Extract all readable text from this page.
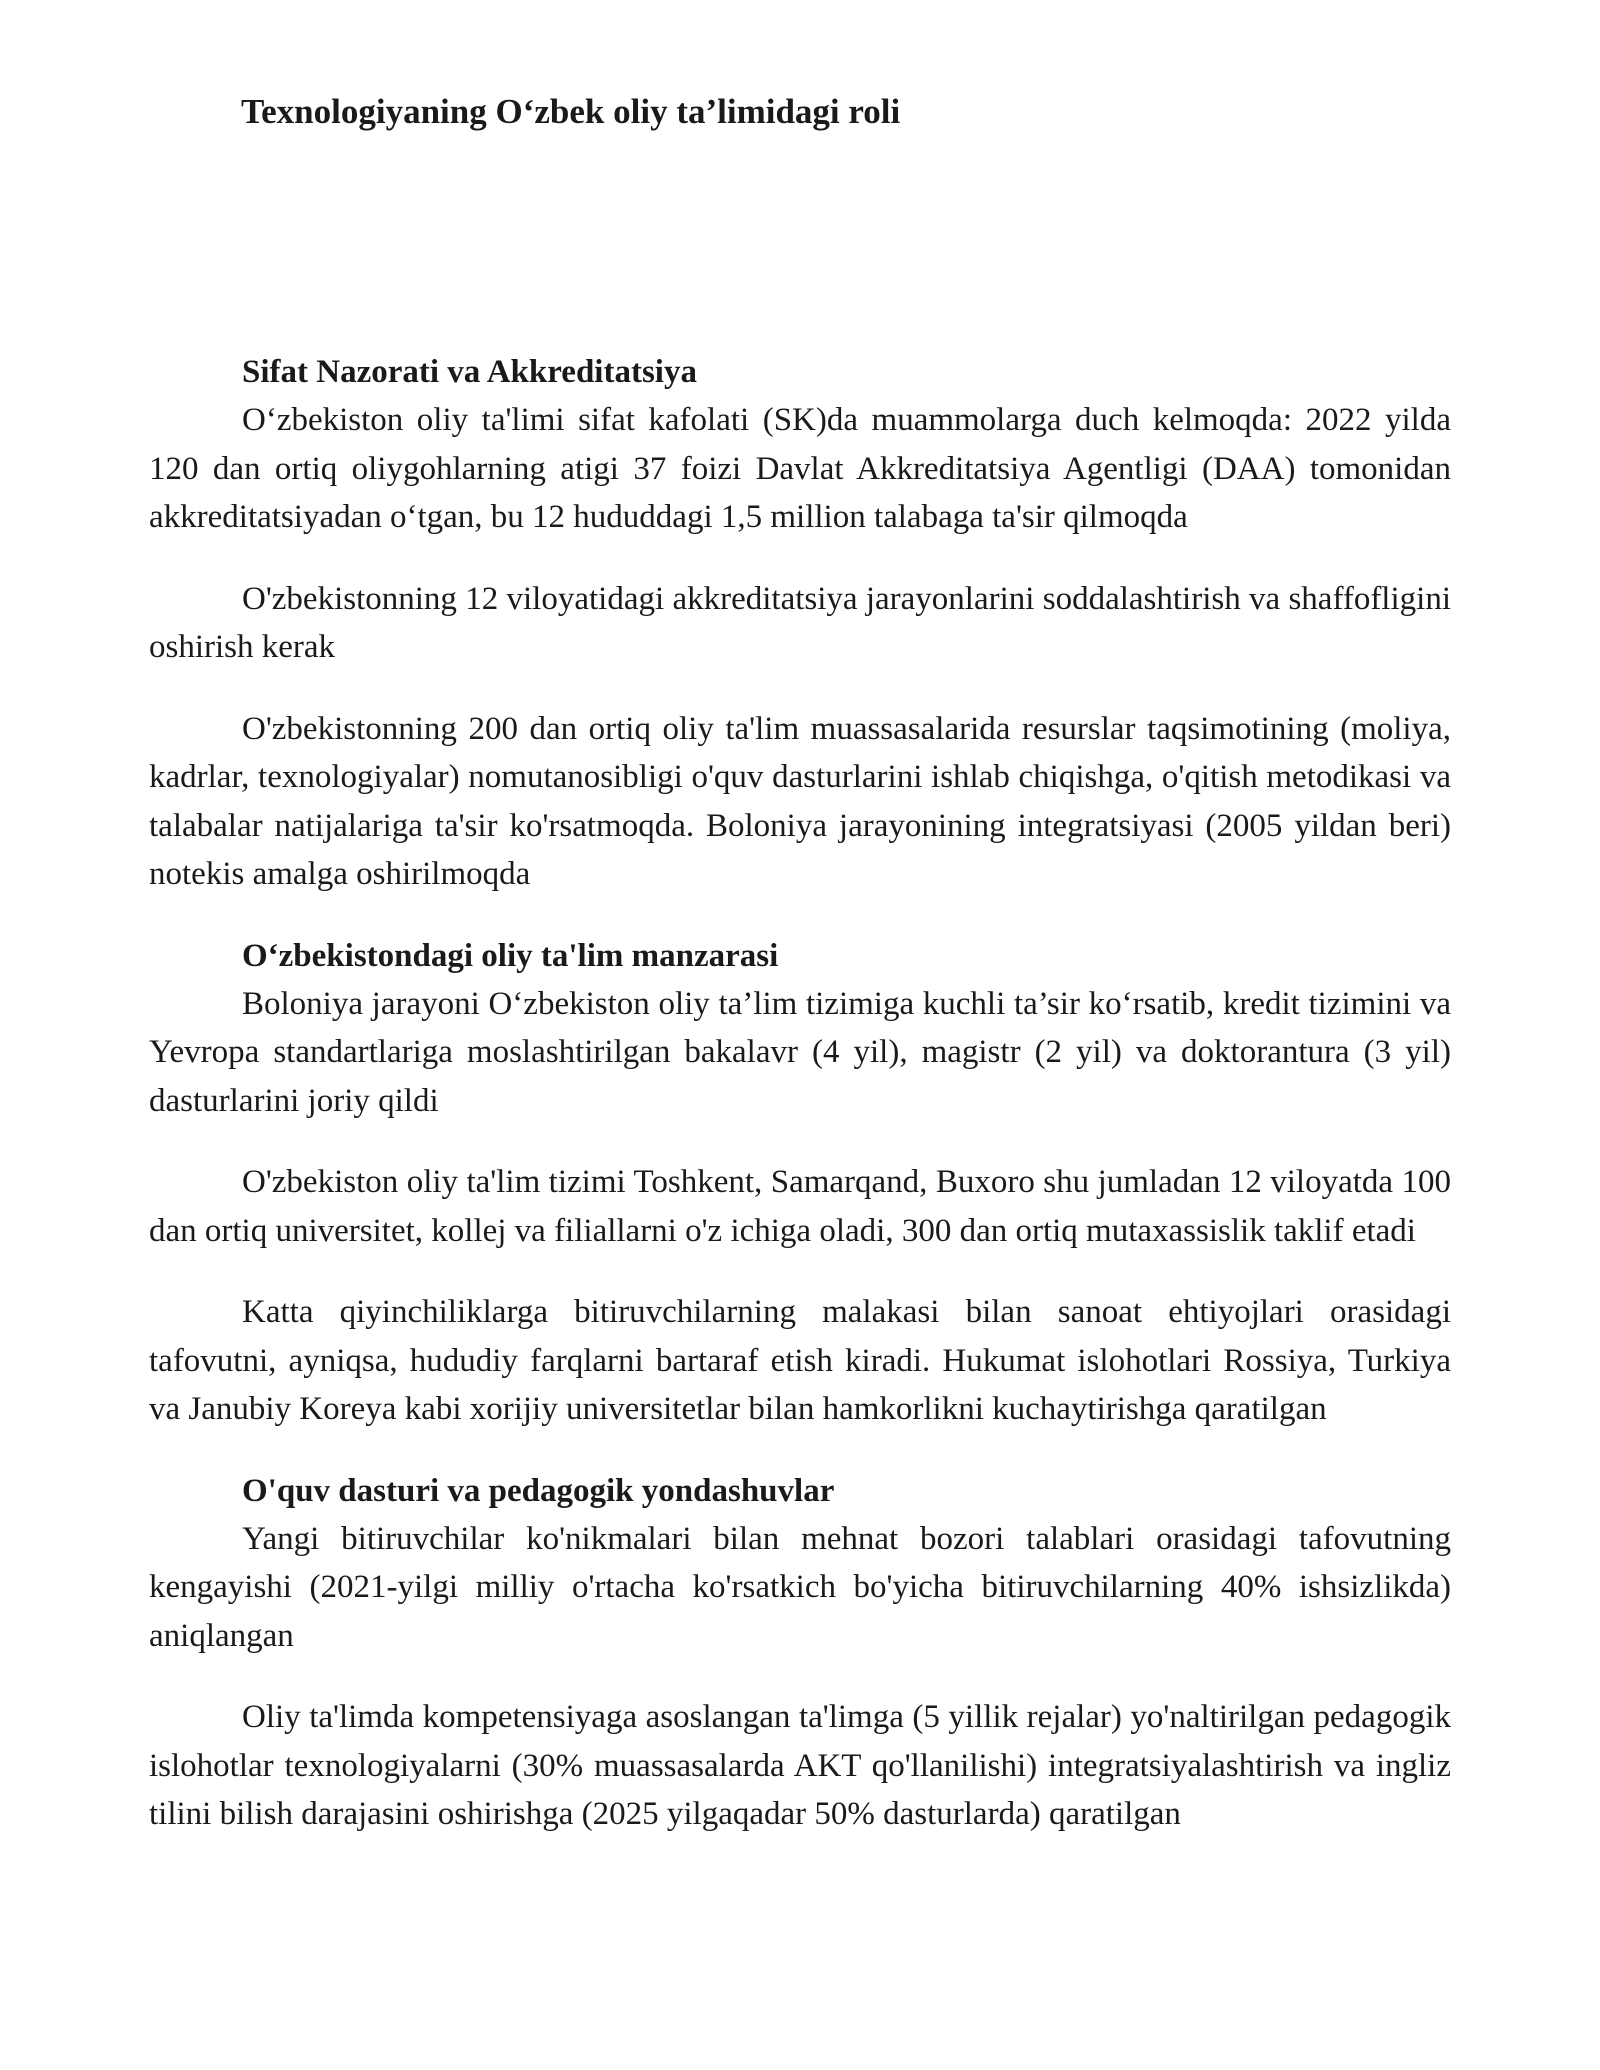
Texnologiyaning O‘zbek oliy ta’limidagi roli
Sifat Nazorati va Akkreditatsiya

O‘zbekiston oliy ta'limi sifat kafolati (SK)da muammolarga duch kelmoqda: 2022 yilda 120 dan ortiq oliygohlarning atigi 37 foizi Davlat Akkreditatsiya Agentligi (DAA) tomonidan akkreditatsiyadan o‘tgan, bu 12 hududdagi 1,5 million talabaga ta'sir qilmoqda

O'zbekistonning 12 viloyatidagi akkreditatsiya jarayonlarini soddalashtirish va shaffofligini oshirish kerak

O'zbekistonning 200 dan ortiq oliy ta'lim muassasalarida resurslar taqsimotining (moliya, kadrlar, texnologiyalar) nomutanosibligi o'quv dasturlarini ishlab chiqishga, o'qitish metodikasi va talabalar natijalariga ta'sir ko'rsatmoqda. Boloniya jarayonining integratsiyasi (2005 yildan beri) notekis amalga oshirilmoqda

O‘zbekistondagi oliy ta'lim manzarasi

Boloniya jarayoni O‘zbekiston oliy ta’lim tizimiga kuchli ta’sir ko‘rsatib, kredit tizimini va Yevropa standartlariga moslashtirilgan bakalavr (4 yil), magistr (2 yil) va doktorantura (3 yil) dasturlarini joriy qildi

O'zbekiston oliy ta'lim tizimi Toshkent, Samarqand, Buxoro shu jumladan 12 viloyatda 100 dan ortiq universitet, kollej va filiallarni o'z ichiga oladi, 300 dan ortiq mutaxassislik taklif etadi

Katta qiyinchiliklarga bitiruvchilarning malakasi bilan sanoat ehtiyojlari orasidagi tafovutni, ayniqsa, hududiy farqlarni bartaraf etish kiradi. Hukumat islohotlari Rossiya, Turkiya va Janubiy Koreya kabi xorijiy universitetlar bilan hamkorlikni kuchaytirishga qaratilgan

O'quv dasturi va pedagogik yondashuvlar

Yangi bitiruvchilar ko'nikmalari bilan mehnat bozori talablari orasidagi tafovutning kengayishi (2021-yilgi milliy o'rtacha ko'rsatkich bo'yicha bitiruvchilarning 40% ishsizlikda) aniqlangan

Oliy ta'limda kompetensiyaga asoslangan ta'limga (5 yillik rejalar) yo'naltirilgan pedagogik islohotlar texnologiyalarni (30% muassasalarda AKT qo'llanilishi) integratsiyalashtirish va ingliz tilini bilish darajasini oshirishga (2025 yilgaqadar 50% dasturlarda) qaratilgan
